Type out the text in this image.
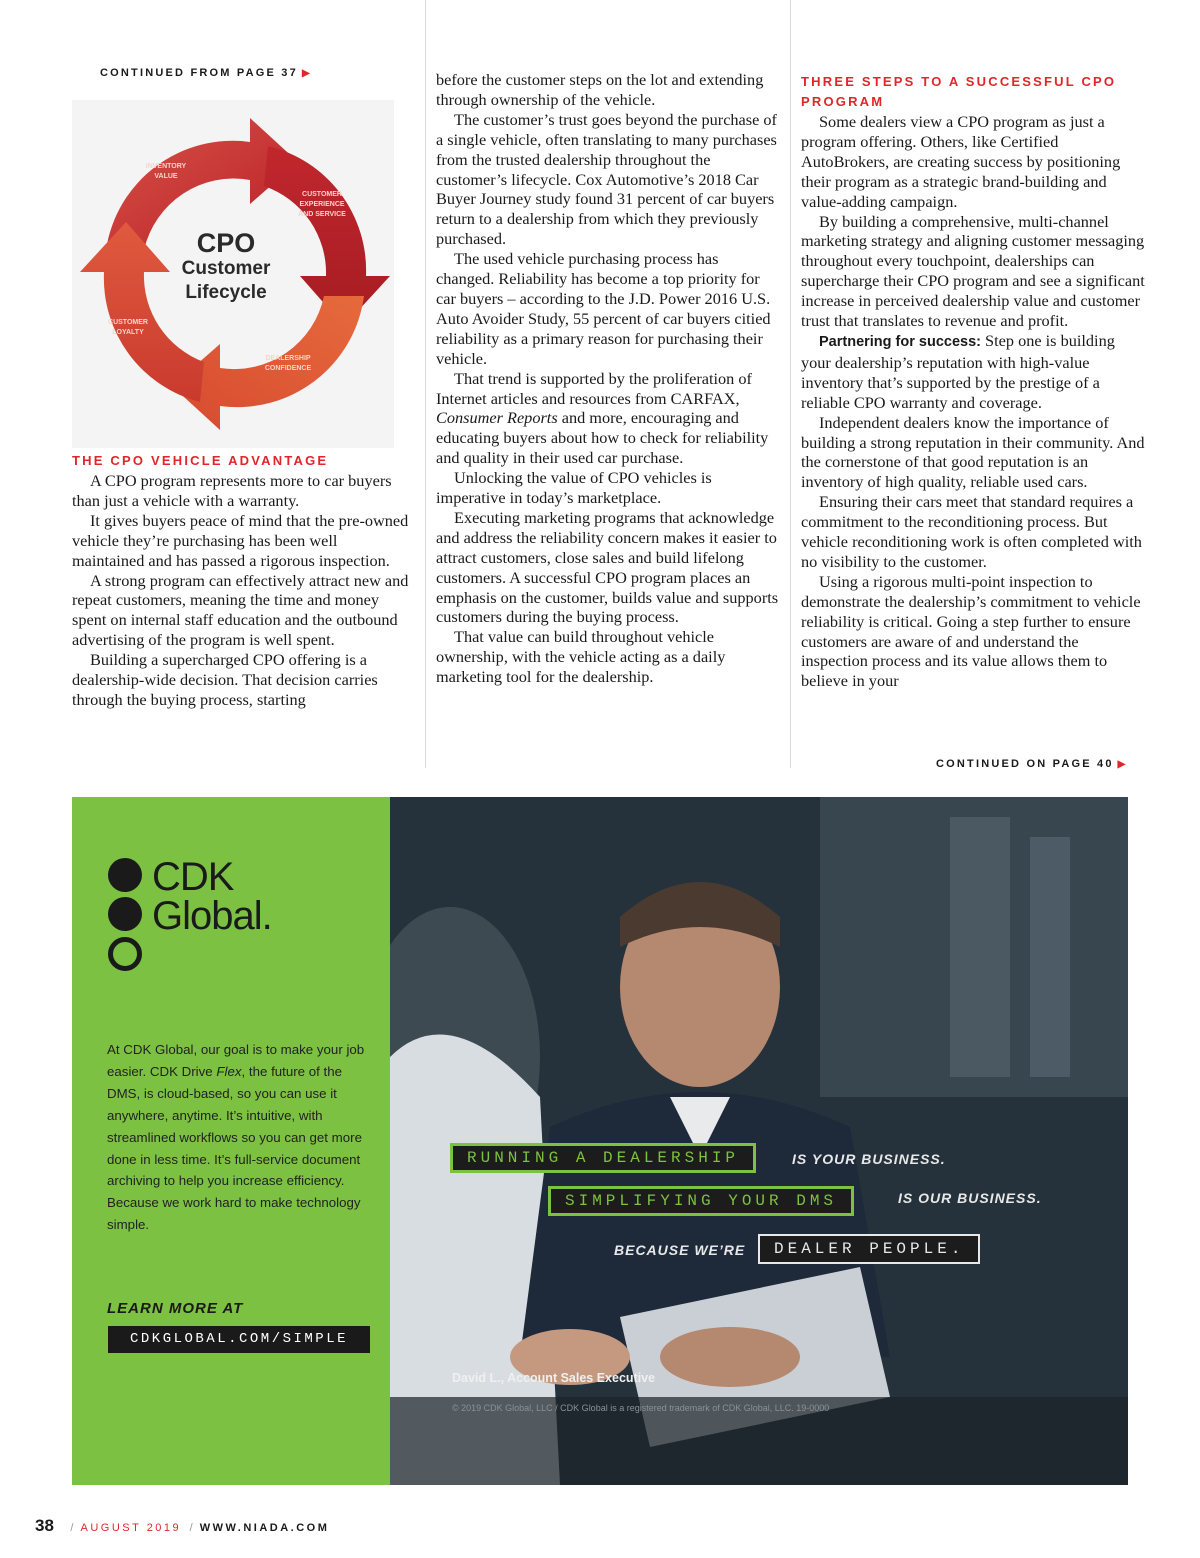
CONTINUED FROM PAGE 37 ▶
CPO
Customer
Lifecycle
INVENTORY
VALUE
CUSTOMER
EXPERIENCE
AND SERVICE
DEALERSHIP
CONFIDENCE
CUSTOMER
LOYALTY

THE CPO VEHICLE ADVANTAGE

A CPO program represents more to car buyers than just a vehicle with a warranty.

It gives buyers peace of mind that the pre-owned vehicle they’re purchasing has been well maintained and has passed a rigorous inspection.

A strong program can effectively attract new and repeat customers, meaning the time and money spent on internal staff education and the outbound advertising of the program is well spent.

Building a supercharged CPO offering is a dealership-wide decision. That decision carries through the buying process, starting

before the customer steps on the lot and extending through ownership of the vehicle.

The customer’s trust goes beyond the purchase of a single vehicle, often translating to many purchases from the trusted dealership throughout the customer’s lifecycle. Cox Automotive’s 2018 Car Buyer Journey study found 31 percent of car buyers return to a dealership from which they previously purchased.

The used vehicle purchasing process has changed. Reliability has become a top priority for car buyers – according to the J.D. Power 2016 U.S. Auto Avoider Study, 55 percent of car buyers citied reliability as a primary reason for purchasing their vehicle.

That trend is supported by the proliferation of Internet articles and resources from CARFAX, Consumer Reports and more, encouraging and educating buyers about how to check for reliability and quality in their used car purchase.

Unlocking the value of CPO vehicles is imperative in today’s marketplace.

Executing marketing programs that acknowledge and address the reliability concern makes it easier to attract customers, close sales and build lifelong customers. A successful CPO program places an emphasis on the customer, builds value and supports customers during the buying process.

That value can build throughout vehicle ownership, with the vehicle acting as a daily marketing tool for the dealership.

THREE STEPS TO A SUCCESSFUL CPO PROGRAM

Some dealers view a CPO program as just a program offering. Others, like Certified AutoBrokers, are creating success by positioning their program as a strategic brand-building and value-adding campaign.

By building a comprehensive, multi-channel marketing strategy and aligning customer messaging throughout every touchpoint, dealerships can supercharge their CPO program and see a significant increase in perceived dealership value and customer trust that translates to revenue and profit.

Partnering for success: Step one is building your dealership’s reputation with high-value inventory that’s supported by the prestige of a reliable CPO warranty and coverage.

Independent dealers know the importance of building a strong reputation in their community. And the cornerstone of that good reputation is an inventory of high quality, reliable used cars.

Ensuring their cars meet that standard requires a commitment to the reconditioning process. But vehicle reconditioning work is often completed with no visibility to the customer.

Using a rigorous multi-point inspection to demonstrate the dealership’s commitment to vehicle reliability is critical. Going a step further to ensure customers are aware of and understand the inspection process and its value allows them to believe in your

CONTINUED ON PAGE 40 ▶
CDK
Global.
At CDK Global, our goal is to make your job easier. CDK Drive Flex, the future of the DMS, is cloud-based, so you can use it anywhere, anytime. It’s intuitive, with streamlined workflows so you can get more done in less time. It’s full-service document archiving to help you increase efficiency. Because we work hard to make technology simple.
LEARN MORE AT
CDKGLOBAL.COM/SIMPLE
RUNNING A DEALERSHIP	IS YOUR BUSINESS.
SIMPLIFYING YOUR DMS	IS OUR BUSINESS.
BECAUSE WE’RE	DEALER PEOPLE.
David L., Account Sales Executive
© 2019 CDK Global, LLC / CDK Global is a registered trademark of CDK Global, LLC. 19-0000
38 / AUGUST 2019 / WWW.NIADA.COM
